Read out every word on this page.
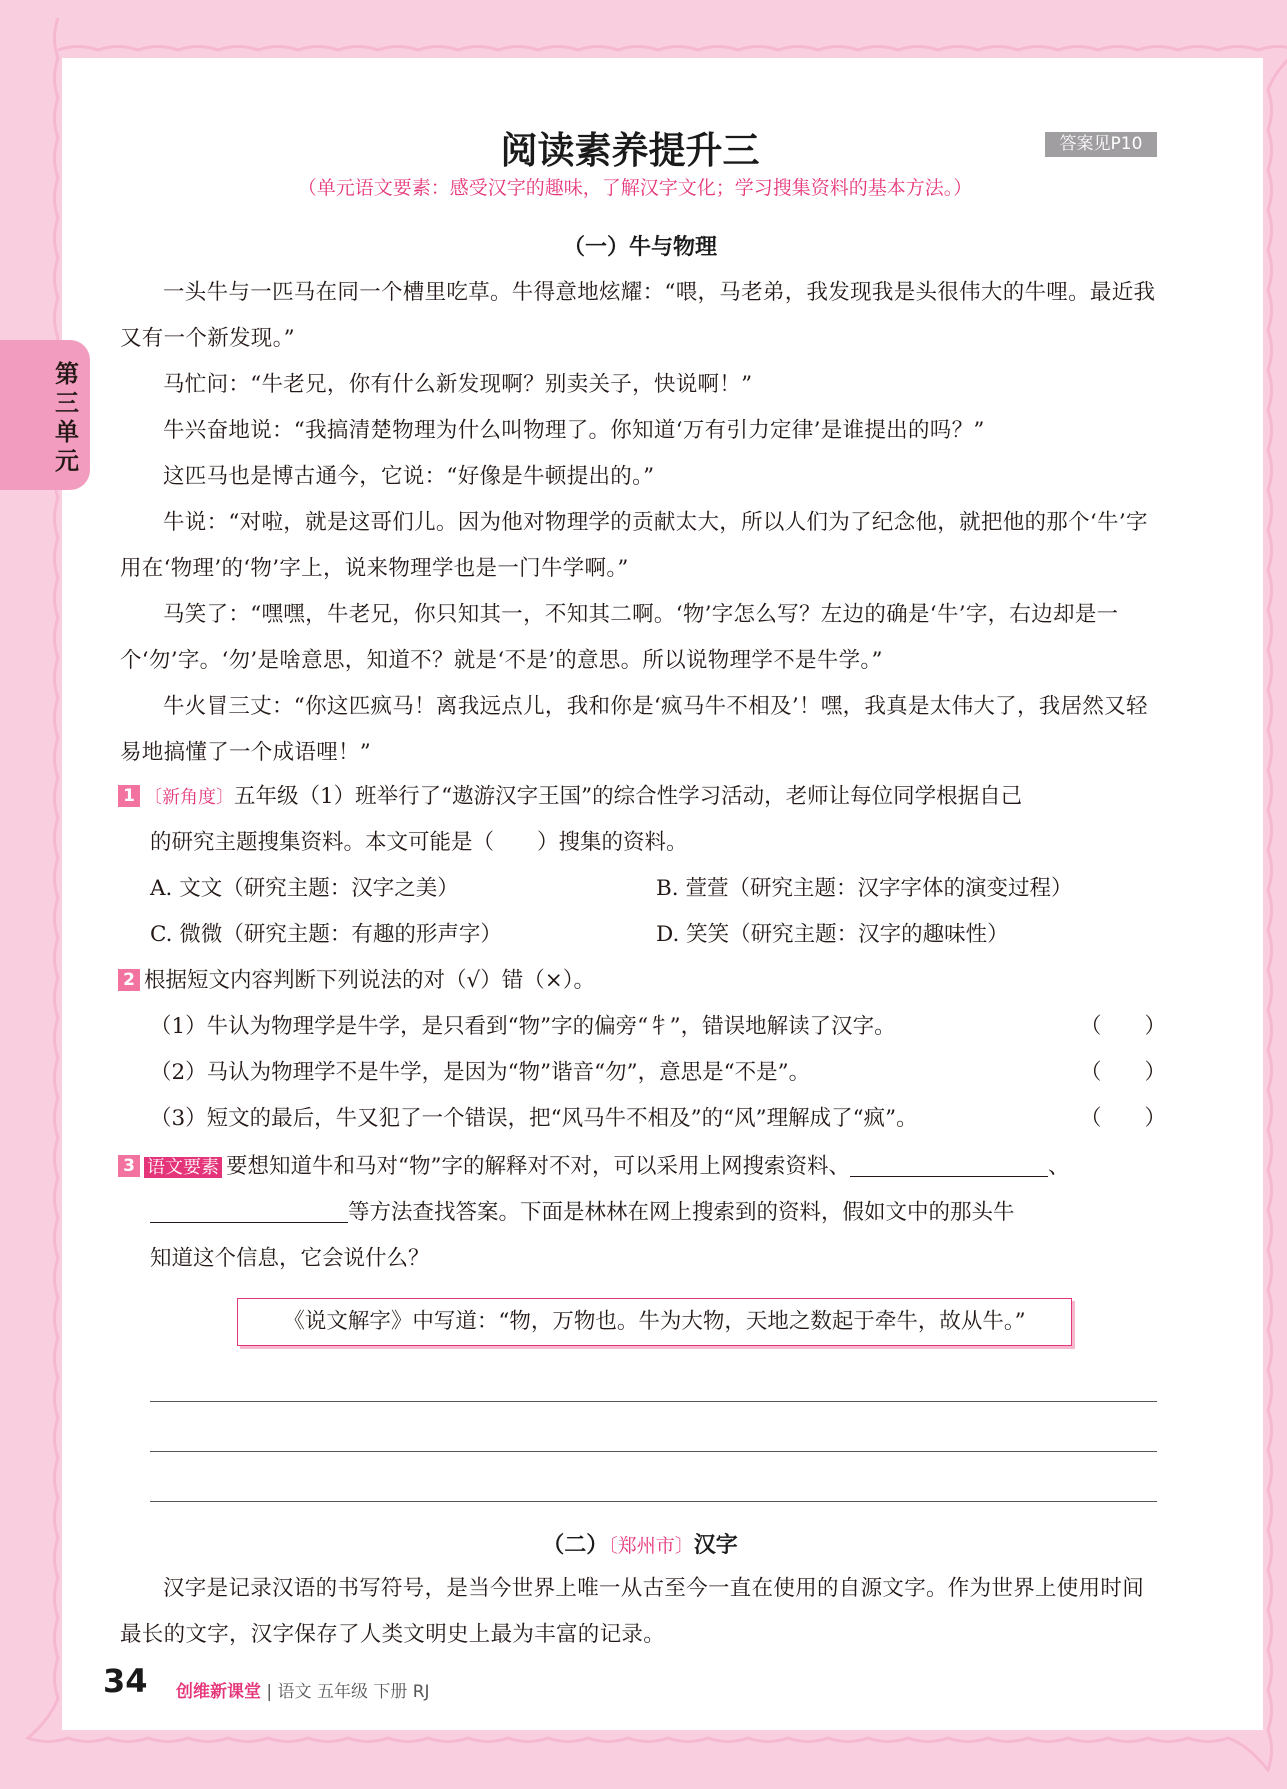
第三单元
阅读素养提升三	答案见P10
（单元语文要素：感受汉字的趣味，了解汉字文化；学习搜集资料的基本方法。）
（一）牛与物理
一头牛与一匹马在同一个槽里吃草。牛得意地炫耀：“喂，马老弟，我发现我是头很伟大的牛哩。最近我又有一个新发现。”
马忙问：“牛老兄，你有什么新发现啊？别卖关子，快说啊！”
牛兴奋地说：“我搞清楚物理为什么叫物理了。你知道‘万有引力定律’是谁提出的吗？”
这匹马也是博古通今，它说：“好像是牛顿提出的。”
牛说：“对啦，就是这哥们儿。因为他对物理学的贡献太大，所以人们为了纪念他，就把他的那个‘牛’字用在‘物理’的‘物’字上，说来物理学也是一门牛学啊。”
马笑了：“嘿嘿，牛老兄，你只知其一，不知其二啊。‘物’字怎么写？左边的确是‘牛’字，右边却是一个‘勿’字。‘勿’是啥意思，知道不？就是‘不是’的意思。所以说物理学不是牛学。”
牛火冒三丈：“你这匹疯马！离我远点儿，我和你是‘疯马牛不相及’！嘿，我真是太伟大了，我居然又轻易地搞懂了一个成语哩！”
1 〔新角度〕五年级（1）班举行了“遨游汉字王国”的综合性学习活动，老师让每位同学根据自己
的研究主题搜集资料。本文可能是（　　）搜集的资料。
A. 文文（研究主题：汉字之美）	B. 萱萱（研究主题：汉字字体的演变过程）
C. 微微（研究主题：有趣的形声字）	D. 笑笑（研究主题：汉字的趣味性）
2 根据短文内容判断下列说法的对（√）错（×）。
（1）牛认为物理学是牛学，是只看到“物”字的偏旁“牜”，错误地解读了汉字。	（　　）
（2）马认为物理学不是牛学，是因为“物”谐音“勿”，意思是“不是”。	（　　）
（3）短文的最后，牛又犯了一个错误，把“风马牛不相及”的“风”理解成了“疯”。	（　　）
3 语文要素 要想知道牛和马对“物”字的解释对不对，可以采用上网搜索资料、	、
等方法查找答案。下面是林林在网上搜索到的资料，假如文中的那头牛
知道这个信息，它会说什么？
《说文解字》中写道：“物，万物也。牛为大物，天地之数起于牵牛，故从牛。”
（二）〔郑州市〕汉字
汉字是记录汉语的书写符号，是当今世界上唯一从古至今一直在使用的自源文字。作为世界上使用时间最长的文字，汉字保存了人类文明史上最为丰富的记录。
34 创维新课堂 | 语文 五年级 下册 RJ
